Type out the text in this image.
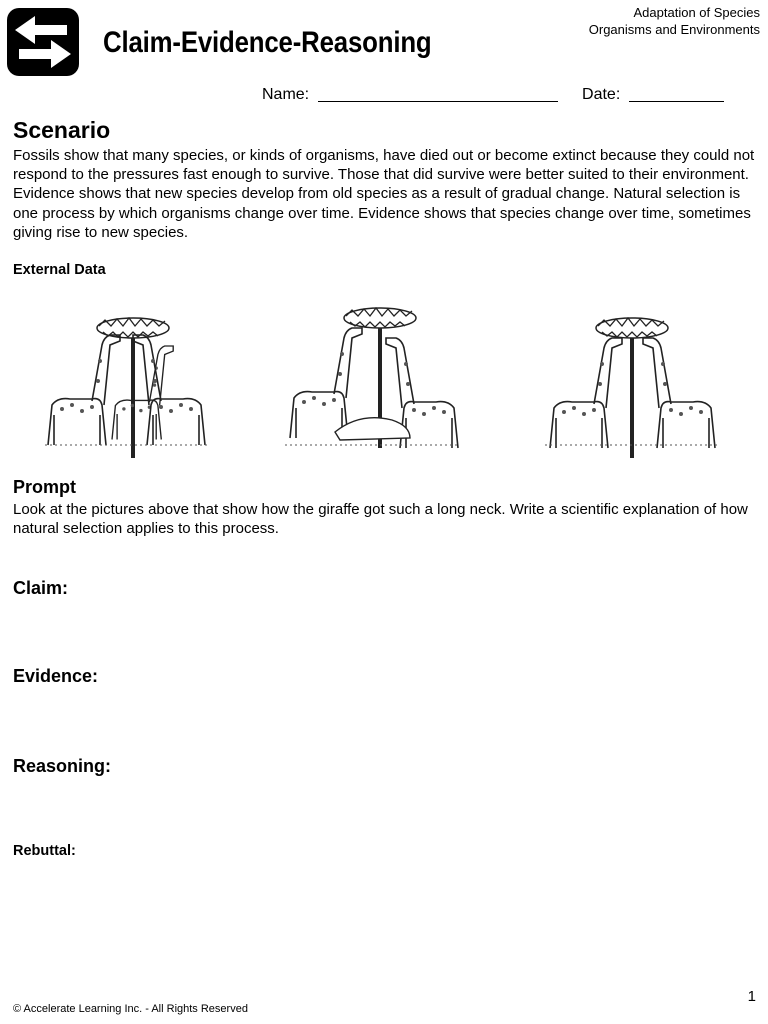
Claim-Evidence-Reasoning
Adaptation of Species
Organisms and Environments
Name:	Date:
Scenario
Fossils show that many species, or kinds of organisms, have died out or become extinct because they could not respond to the pressures fast enough to survive. Those that did survive were better suited to their environment. Evidence shows that new species develop from old species as a result of gradual change. Natural selection is one process by which organisms change over time. Evidence shows that species change over time, sometimes giving rise to new species.
External Data
Prompt
Look at the pictures above that show how the giraffe got such a long neck. Write a scientific explanation of how natural selection applies to this process.
Claim:
Evidence:
Reasoning:
Rebuttal:
© Accelerate Learning Inc. - All Rights Reserved
1
